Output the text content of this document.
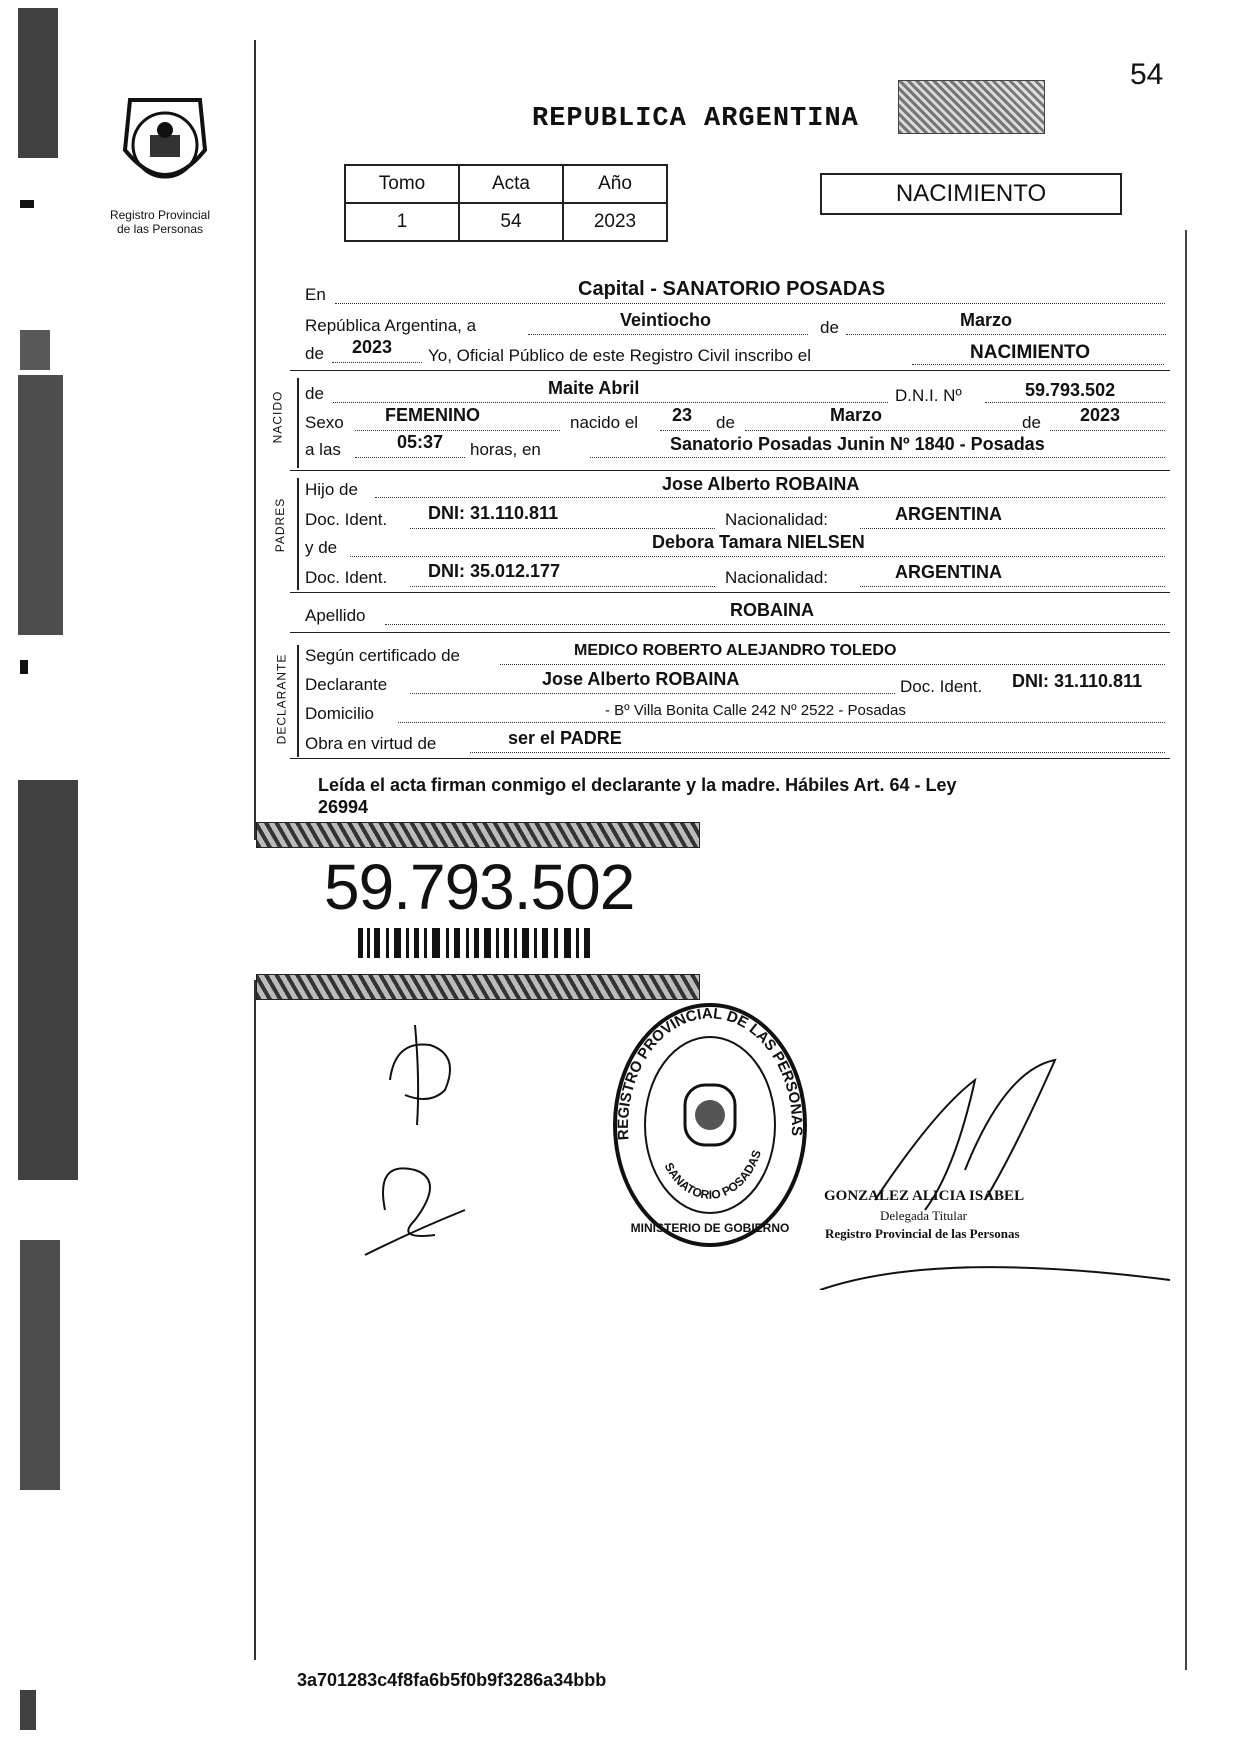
Registro Provincial
de las Personas
54
REPUBLICA ARGENTINA
Tomo	Acta	Año
1	54	2023
NACIMIENTO
En	Capital - SANATORIO POSADAS
República Argentina, a	Veintiocho	de	Marzo
de 2023 Yo, Oficial Público de este Registro Civil inscribo el	NACIMIENTO
NACIDO de	Maite Abril	D.N.I. Nº	59.793.502
Sexo FEMENINO	nacido el 23 de	Marzo	de 2023
a las	05:37 horas, en	Sanatorio Posadas Junin Nº 1840 - Posadas
PADRES
Hijo de	Jose Alberto ROBAINA
Doc. Ident. DNI: 31.110.811	Nacionalidad:	ARGENTINA
y de	Debora Tamara NIELSEN
Doc. Ident. DNI: 35.012.177	Nacionalidad:	ARGENTINA
Apellido	ROBAINA
DECLARANTE Según certificado de	MEDICO ROBERTO ALEJANDRO TOLEDO
Declarante	Jose Alberto ROBAINA	Doc. Ident. DNI: 31.110.811
Domicilio	- Bº Villa Bonita Calle 242 Nº 2522 - Posadas
Obra en virtud de	ser el PADRE
Leída el acta firman conmigo el declarante y la madre. Hábiles Art. 64 - Ley
26994
59.793.502
REGISTRO PROVINCIAL DE LAS PERSONAS
SANATORIO POSADAS
MINISTERIO DE GOBIERNO
GONZALEZ ALICIA ISABEL
Delegada Titular
Registro Provincial de las Personas
3a701283c4f8fa6b5f0b9f3286a34bbb
